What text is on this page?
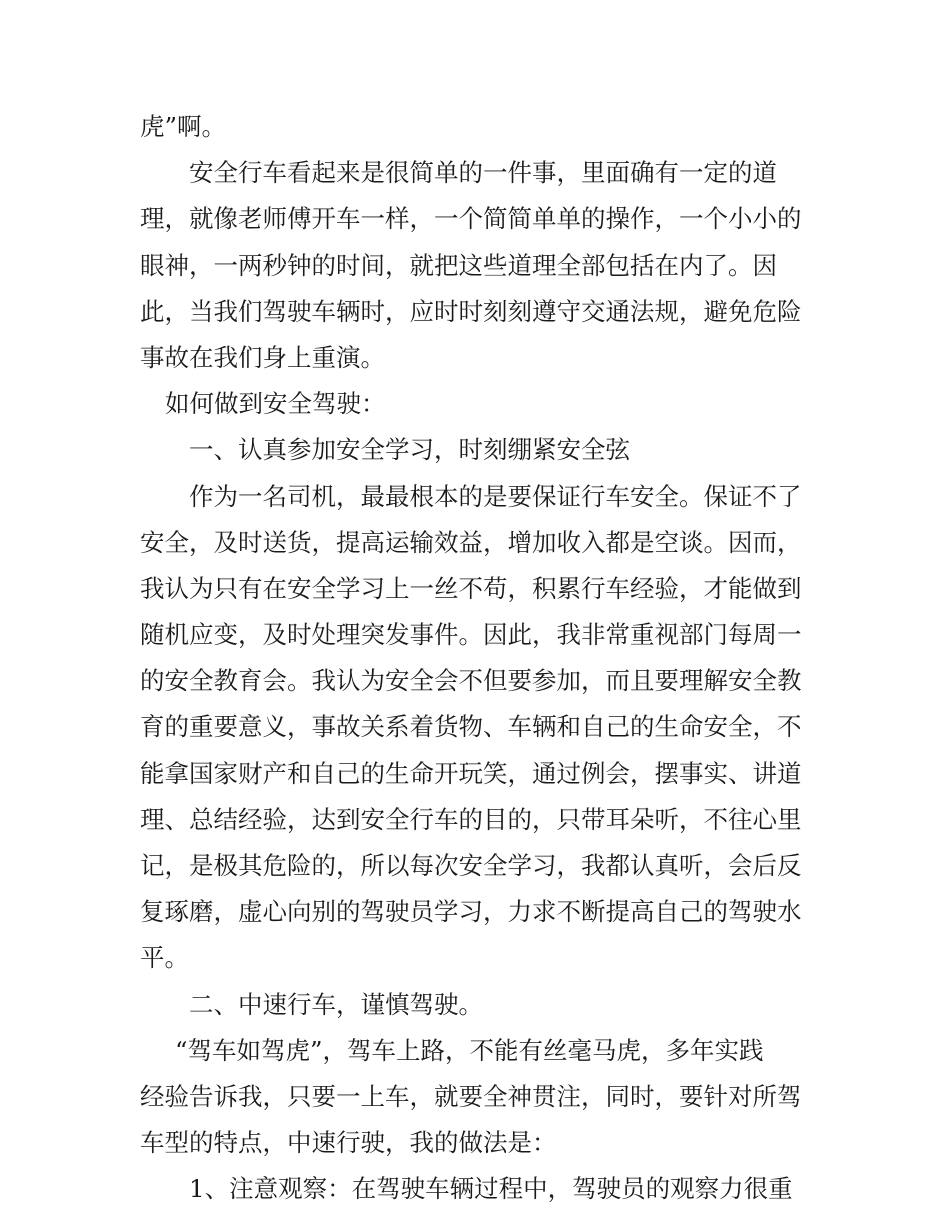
虎”啊。
安全行车看起来是很简单的一件事，里面确有一定的道
理，就像老师傅开车一样，一个简简单单的操作，一个小小的
眼神，一两秒钟的时间，就把这些道理全部包括在内了。因
此，当我们驾驶车辆时，应时时刻刻遵守交通法规，避免危险
事故在我们身上重演。
如何做到安全驾驶：
一、认真参加安全学习，时刻绷紧安全弦
作为一名司机，最最根本的是要保证行车安全。保证不了
安全，及时送货，提高运输效益，增加收入都是空谈。因而，
我认为只有在安全学习上一丝不苟，积累行车经验，才能做到
随机应变，及时处理突发事件。因此，我非常重视部门每周一
的安全教育会。我认为安全会不但要参加，而且要理解安全教
育的重要意义，事故关系着货物、车辆和自己的生命安全，不
能拿国家财产和自己的生命开玩笑，通过例会，摆事实、讲道
理、总结经验，达到安全行车的目的，只带耳朵听，不往心里
记，是极其危险的，所以每次安全学习，我都认真听，会后反
复琢磨，虚心向别的驾驶员学习，力求不断提高自己的驾驶水
平。
二、中速行车，谨慎驾驶。
“驾车如驾虎”，驾车上路，不能有丝毫马虎，多年实践
经验告诉我，只要一上车，就要全神贯注，同时，要针对所驾
车型的特点，中速行驶，我的做法是：
1、注意观察：在驾驶车辆过程中，驾驶员的观察力很重
